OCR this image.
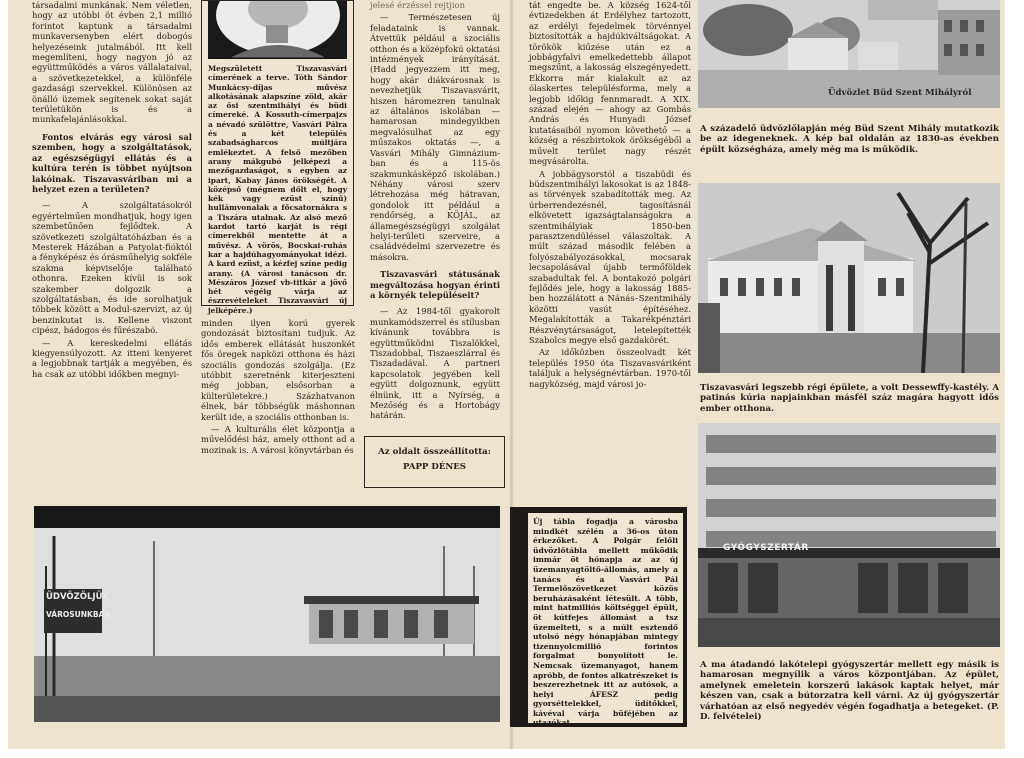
társadalmi munkának. Nem véletlen, hogy az utóbbi öt évben 2,1 millió forintot kaptunk a társadalmi munkaversenyben elért dobogós helyezéseink jutalmából. Itt kell megemlíteni, hogy nagyon jó az együttműködés a város vállalataival, a szövetkezetekkel, a különféle gazdasági szervekkel. Különösen az önálló üzemek segítenek sokat saját területükön is és a munkafelajánlásokkal.

Fontos elvárás egy városi sal szemben, hogy a szolgáltatások, az egészségügyi ellátás és a kultúra terén is többet nyújtson lakóinak. Tiszavasváriban mi a helyzet ezen a területen?

— A szolgáltatásokról egyértelműen mondhatjuk, hogy igen szembetűnően fejlődtek. A szövetkezeti szolgáltatóházban és a Mesterek Házában a Patyolat-fióktól a fényképész és órásműhelyig sokféle szakma képviselője található othonra. Ezeken kívül is sok szakember dolgozik a szolgáltatásban, és ide sorolhatjuk többek között a Modul-szervizt, az új benzinkutat is. Kellene viszont cipész, bádogos és fűrészabó.

— A kereskedelmi ellátás kiegyensúlyozott. Az itteni kenyeret a legjobbnak tartják a megyében, és ha csak az utóbbi időkben megnyi-

Megszületett Tiszavasvári címerének a terve. Tóth Sándor Munkácsy-díjas művész alkotásának alapszíne zöld, akár az ősi szentmihályi és büdi címereké. A Kossuth-címerpajzs a névadó szülöttre, Vasvári Pálra és a két település szabadságharcos múltjára emlékeztet. A felső mezőben arany mákgubó jelképezi a mezőgazdaságot, s egyben az ipart, Kabay János örökségét. A középső (mégnem dőlt el, hogy kék vagy ezüst színű) hullámvonalak a főcsatornákra s a Tiszára utalnak. Az alsó mező kardot tartó karját is régi címerekből mentette át a művész. A vörös, Bocskai-ruhás kar a hajdúhagyományokat idézi. A kard ezüst, a kézfej színe pedig arany. (A városi tanácson dr. Mészáros József vb-titkár a jövő hét végéig várja az észrevételeket Tiszavasvári új jelképére.)

minden ilyen korú gyerek gondozását biztosítani tudjuk. Az idős emberek ellátását huszonkét fős öregek napközi otthona és házi szociális gondozás szolgálja. (Ez utóbbit szeretnénk kiterjeszteni még jobban, elsősorban a külterületekre.) Százhatvanon élnek, bár többségük máshonnan került ide, a szociális otthonban is.

— A kulturális élet központja a művelődési ház, amely otthont ad a mozinak is. A városi könyvtárban és

jelesé érzéssel rejtjion

— Természetesen új feladataink is vannak. Átvettük például a szociális otthon és a középfokú oktatási intézmények irányítását. (Hadd jegyezzem itt meg, hogy akár diákvárosnak is nevezhetjük Tiszavasvárit, hiszen háromezren tanulnak az általános iskolában — hamarosan mindegyikben megvalósulhat az egy műszakos oktatás —, a Vasvári Mihály Gimnázium-ban és a 115-ös szakmunkásképző iskolában.) Néhány városi szerv létrehozása még hátravan, gondolok itt például a rendőrség, a KÖJÁL, az államegészségügyi szolgálat helyi-területi szerveire, a családvédelmi szervezetre és másokra.

Tiszavasvári státusának megváltozása hogyan érinti a környék településeit?

— Az 1984-től gyakorolt munkamódszerrel és stílusban kívánunk továbbra is együttműködni Tiszalökkel, Tiszadobbal, Tiszaeszlárral és Tiszadadával. A partneri kapcsolatok jegyében kell együtt dolgoznunk, együtt élnünk, itt a Nyírség, a Mezőség és a Hortobágy határán.

Az oldalt összeállította:
PAPP DÉNES

tát engedte be. A község 1624-től évtizedekben át Erdélyhez tartozott, az erdélyi fejedelmek törvénnyel biztosították a hajdúkiváltságokat. A törökök kiűzése után ez a jobbágyfalvi emelkedettebb állapot megszűnt, a lakosság elszegényedett. Ekkorra már kialakult az az ólaskertes településforma, mely a legjobb időkig fennmaradt. A XIX. század elején — ahogy az Gombás András és Hunyadi József kutatásaiból nyomon követhető — a község a részbirtokok örökségéből a művelt terület nagy részét megvásárolta.

A jobbágysorstól a tiszabüdi és büdszentmihályi lakosokat is az 1848-as törvények szabadították meg. Az úrberrendezésnél, tagosításnál elkövetett igazságtalanságokra a szentmihályiak 1850-ben parasztzendüléssel válaszoltak. A múlt század második felében a folyószabályozásokkal, mocsarak lecsapolásával újabb termőföldek szabadultak fel. A bontakozó polgári fejlődés jele, hogy a lakosság 1885-ben hozzálátott a Nánás–Szentmihály közötti vasút építéséhez. Megalakították a Takarékpénztári Részvénytársaságot, letelepítették Szabolcs megye első gazdakörét.

Az időközben összeolvadt két település 1950 óta Tiszavasváriként találjuk a helységnévtárban. 1970-től nagyközség, majd városi jo-

Üdvözlet Büd Szent Mihályról
A századelő üdvözlőlapján még Büd Szent Mihály mutatkozik be az idegeneknek. A kép bal oldalán az 1830-as években épült községháza, amely még ma is működik.
Tiszavasvári legszebb régi épülete, a volt Dessewffy-kastély. A patinás kúria napjainkban másfél száz magára hagyott idős ember otthona.
GYÓGYSZERTÁR
A ma átadandó lakótelepi gyógyszertár mellett egy másik is hamarosan megnyílik a város központjában. Az épület, amelynek emeletein korszerű lakások kaptak helyet, már készen van, csak a bútorzatra kell várni. Az új gyógyszertár várhatóan az első negyedév végén fogadhatja a betegeket. (P. D. felvételei)
ÜDVÖZÖLJÜK
VÁROSUNKBAN
Új tábla fogadja a városba mindkét szélén a 36-os úton érkezőket. A Polgár felőli üdvözlőtábla mellett működik immár öt hónapja az az új üzemanyagtöltő-állomás, amely a tanács és a Vasvári Pál Termelőszövetkezet közös beruházásaként létesült. A több, mint hatmilliós költséggel épült, öt kútfejes állomást a tsz üzemelteti, s a múlt esztendő utolsó négy hónapjában mintegy tizennyolcmillió forintos forgalmat bonyolított le. Nemcsak üzemanyagot, hanem apróbb, de fontos alkatrészeket is beszerezhetnek itt az autósok, a helyi ÁFESZ pedig gyorséttelekkel, üdítőkkel, kávéval várja büféjében az utazókat.
